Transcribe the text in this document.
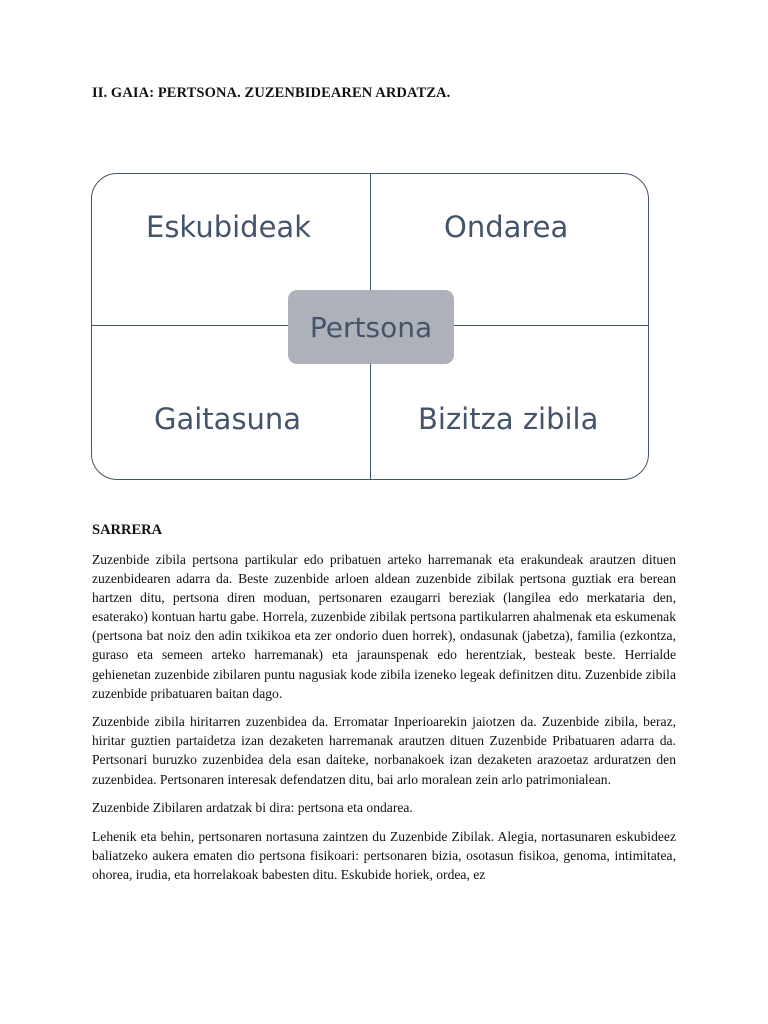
II. GAIA: PERTSONA. ZUZENBIDEAREN ARDATZA.
Eskubideak	Ondarea
Gaitasuna	Bizitza zibila
Pertsona
SARRERA

Zuzenbide zibila pertsona partikular edo pribatuen arteko harremanak eta erakundeak arautzen dituen zuzenbidearen adarra da. Beste zuzenbide arloen aldean zuzenbide zibilak pertsona guztiak era berean hartzen ditu, pertsona diren moduan, pertsonaren ezaugarri bereziak (langilea edo merkataria den, esaterako) kontuan hartu gabe. Horrela, zuzenbide zibilak pertsona partikularren ahalmenak eta eskumenak (pertsona bat noiz den adin txikikoa eta zer ondorio duen horrek), ondasunak (jabetza), familia (ezkontza, guraso eta semeen arteko harremanak) eta jaraunspenak edo herentziak, besteak beste. Herrialde gehienetan zuzenbide zibilaren puntu nagusiak kode zibila izeneko legeak definitzen ditu. Zuzenbide zibila zuzenbide pribatuaren baitan dago.

Zuzenbide zibila hiritarren zuzenbidea da. Erromatar Inperioarekin jaiotzen da. Zuzenbide zibila, beraz, hiritar guztien partaidetza izan dezaketen harremanak arautzen dituen Zuzenbide Pribatuaren adarra da. Pertsonari buruzko zuzenbidea dela esan daiteke, norbanakoek izan dezaketen arazoetaz arduratzen den zuzenbidea. Pertsonaren interesak defendatzen ditu, bai arlo moralean zein arlo patrimonialean.

Zuzenbide Zibilaren ardatzak bi dira: pertsona eta ondarea.

Lehenik eta behin, pertsonaren nortasuna zaintzen du Zuzenbide Zibilak. Alegia, nortasunaren eskubideez baliatzeko aukera ematen dio pertsona fisikoari: pertsonaren bizia, osotasun fisikoa, genoma, intimitatea, ohorea, irudia, eta horrelakoak babesten ditu. Eskubide horiek, ordea, ez
